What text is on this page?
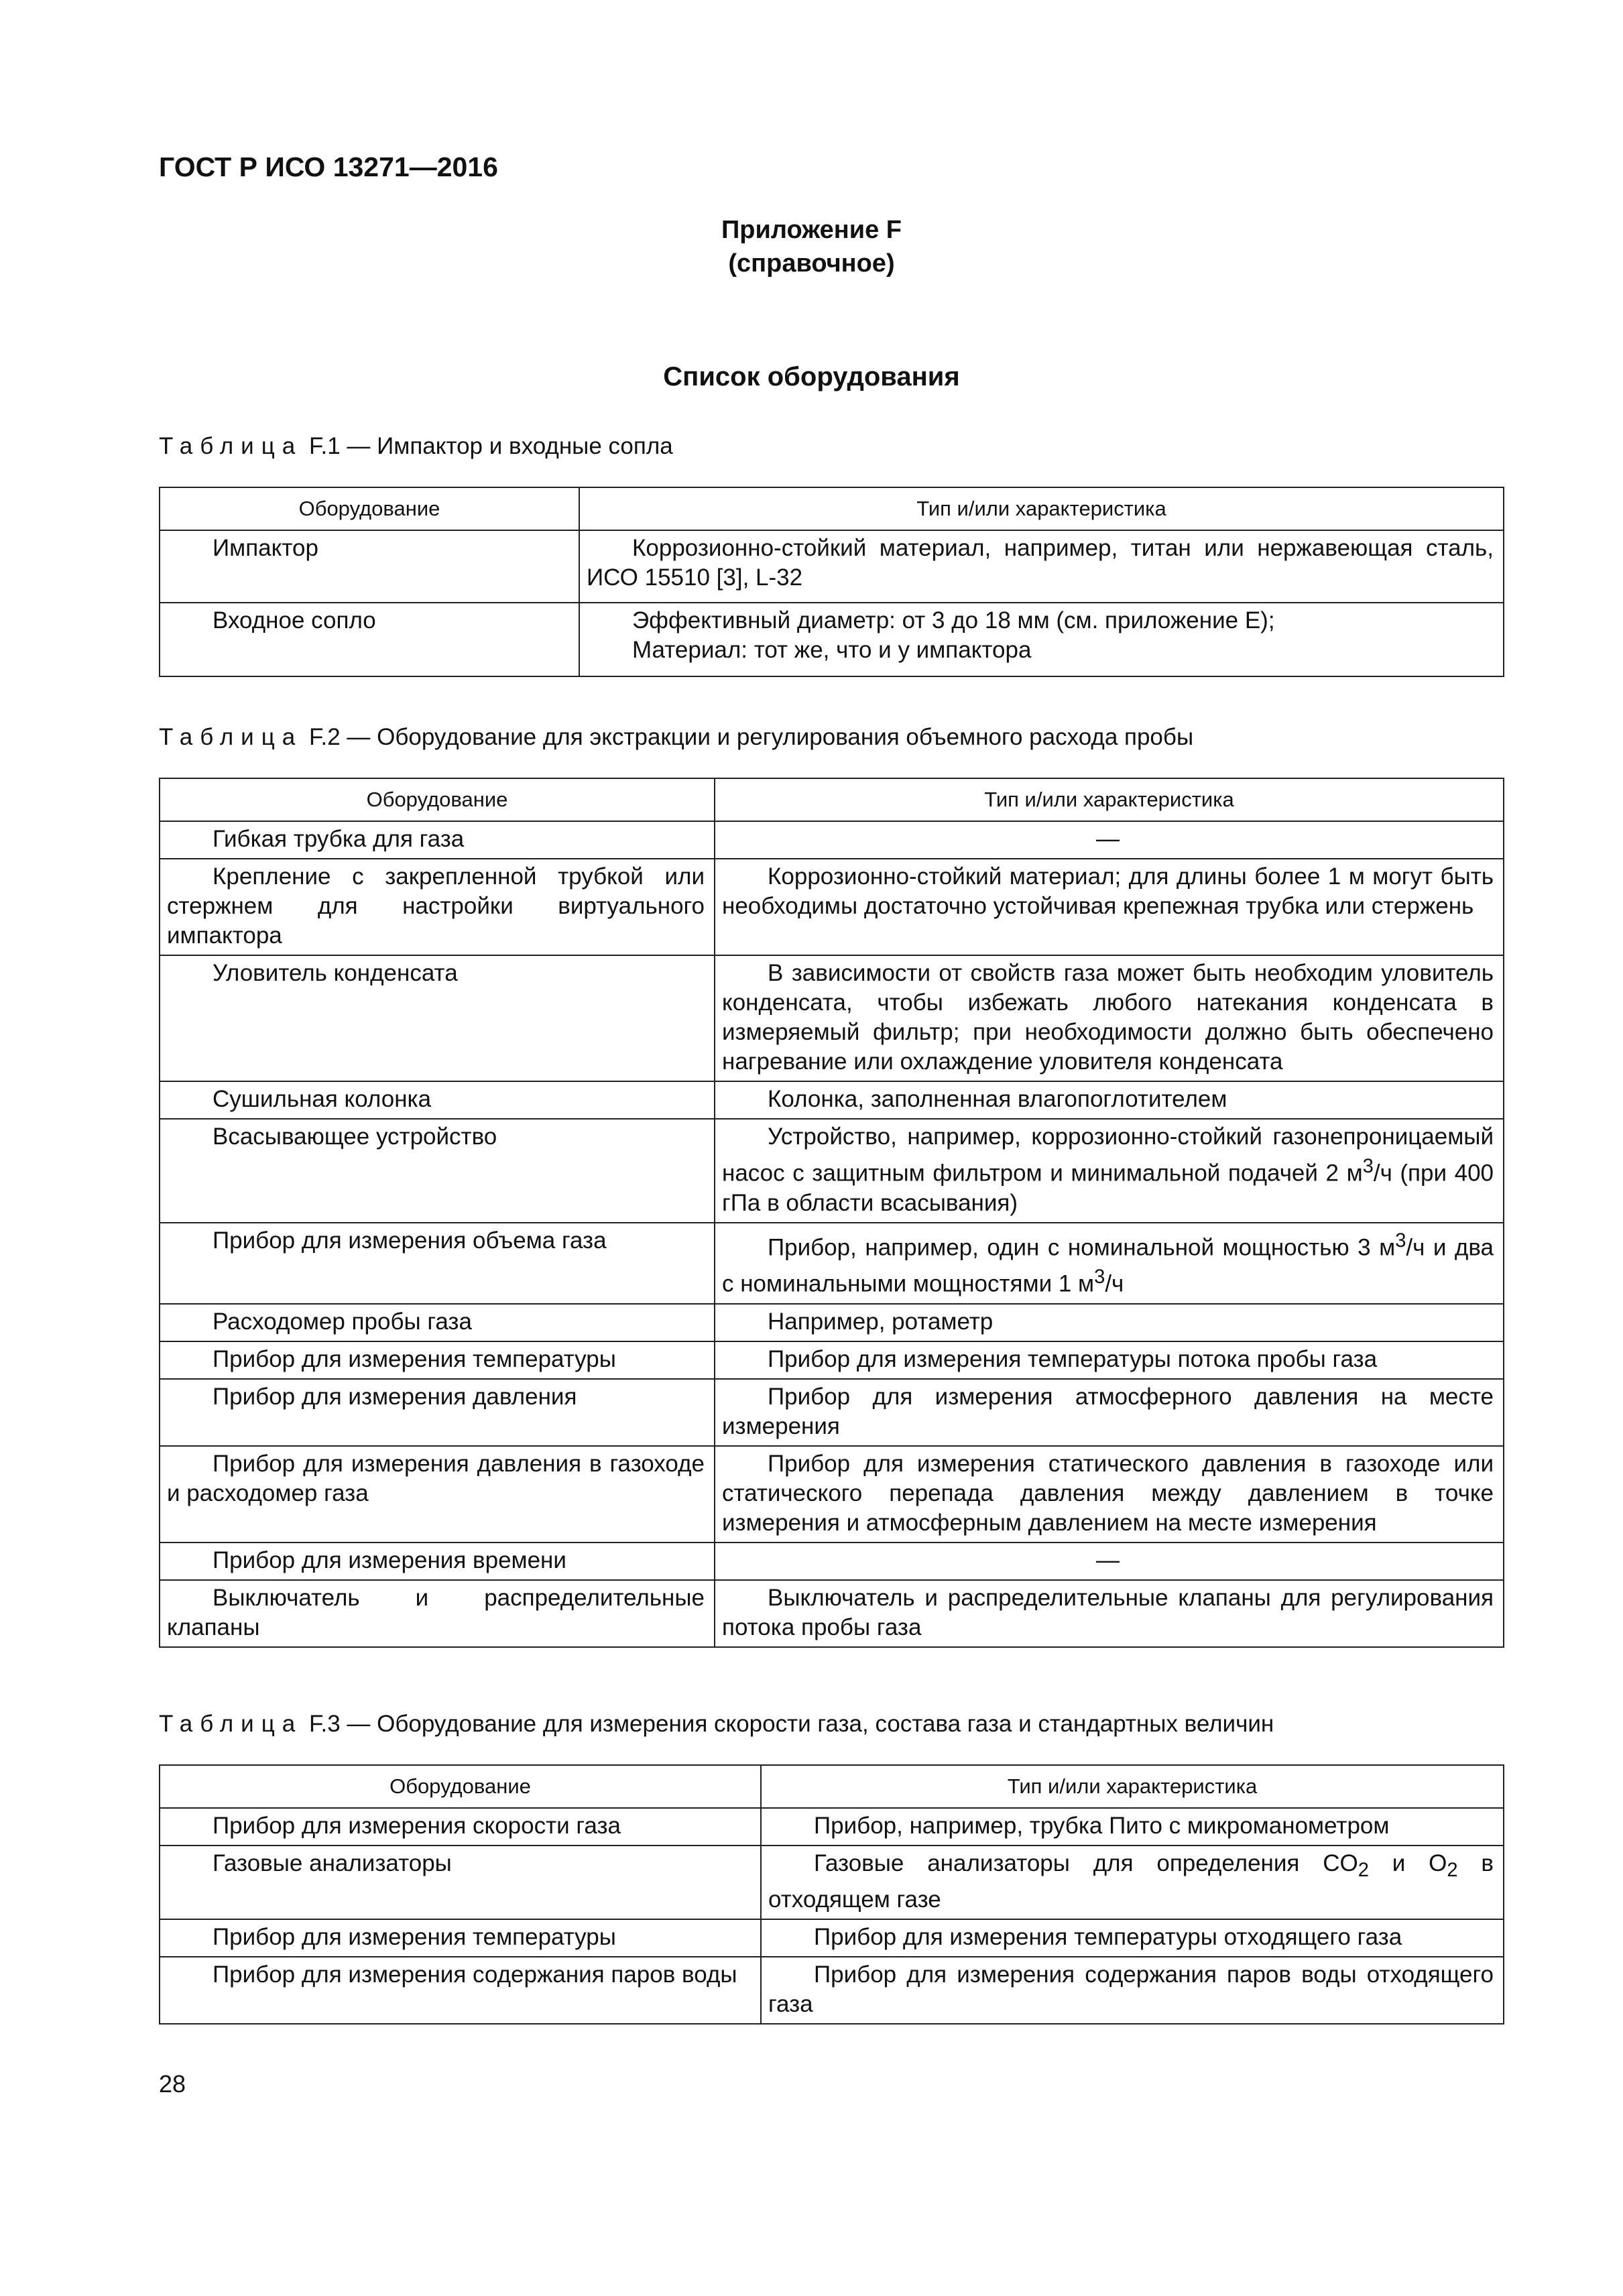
ГОСТ Р ИСО 13271—2016

Приложение F
(справочное)

Список оборудования

Таблица F.1 — Импактор и входные сопла

Оборудование	Тип и/или характеристика
Импактор	Коррозионно-стойкий материал, например, титан или нержавеющая сталь, ИСО 15510 [3], L-32
Входное сопло	Эффективный диаметр: от 3 до 18 мм (см. приложение Е);
Материал: тот же, что и у импактора

Таблица F.2 — Оборудование для экстракции и регулирования объемного расхода пробы

Оборудование	Тип и/или характеристика
Гибкая трубка для газа	—
Крепление с закрепленной трубкой или стержнем для настройки виртуального импактора	Коррозионно-стойкий материал; для длины более 1 м могут быть необходимы достаточно устойчивая крепежная трубка или стержень
Уловитель конденсата	В зависимости от свойств газа может быть необходим уловитель конденсата, чтобы избежать любого натекания конденсата в измеряемый фильтр; при необходимости должно быть обеспечено нагревание или охлаждение уловителя конденсата
Сушильная колонка	Колонка, заполненная влагопоглотителем
Всасывающее устройство	Устройство, например, коррозионно-стойкий газонепроницаемый насос с защитным фильтром и минимальной подачей 2 $м^3/ч$ (при 400 гПа в области всасывания)
Прибор для измерения объема газа	Прибор, например, один с номинальной мощностью 3 $м^3/ч$ и два с номинальными мощностями 1 $м^3/ч$
Расходомер пробы газа	Например, ротаметр
Прибор для измерения температуры	Прибор для измерения температуры потока пробы газа
Прибор для измерения давления	Прибор для измерения атмосферного давления на месте измерения
Прибор для измерения давления в газоходе и расходомер газа	Прибор для измерения статического давления в газоходе или статического перепада давления между давлением в точке измерения и атмосферным давлением на месте измерения
Прибор для измерения времени	—
Выключатель и распределительные клапаны	Выключатель и распределительные клапаны для регулирования потока пробы газа

Таблица F.3 — Оборудование для измерения скорости газа, состава газа и стандартных величин

Оборудование	Тип и/или характеристика
Прибор для измерения скорости газа	Прибор, например, трубка Пито с микроманометром
Газовые анализаторы	Газовые анализаторы для определения $CO_2$ и $O_2$ в отходящем газе
Прибор для измерения температуры	Прибор для измерения температуры отходящего газа
Прибор для измерения содержания паров воды	Прибор для измерения содержания паров воды отходящего газа

28
